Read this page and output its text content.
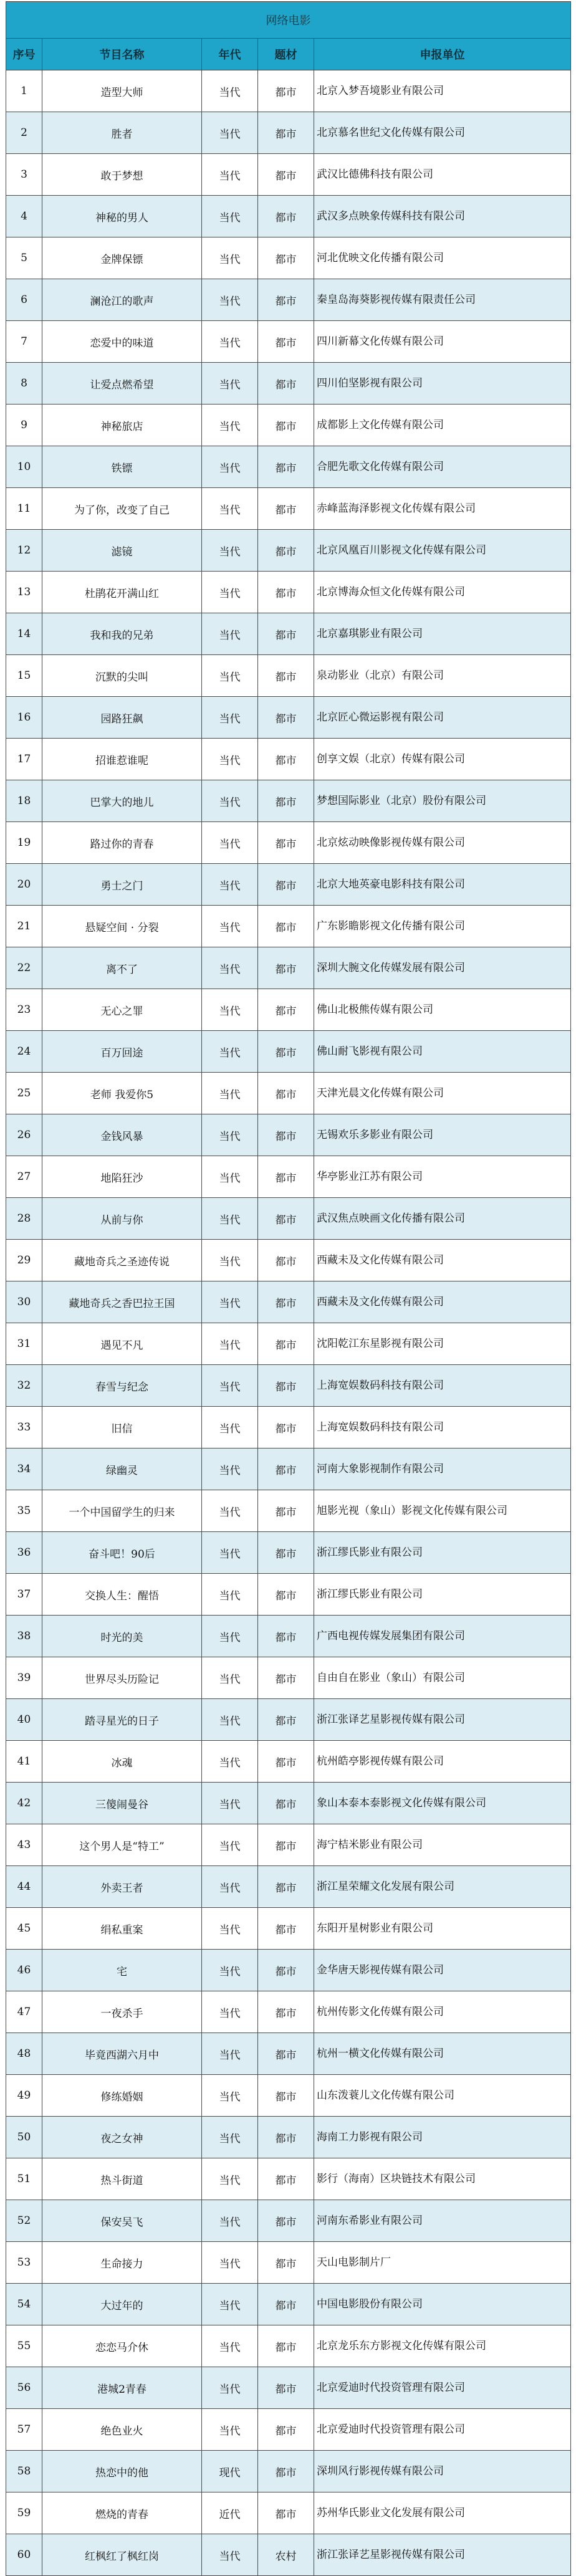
网络电影				
序号	节目名称	年代	题材	申报单位
1	造型大师	当代	都市	北京入梦吾境影业有限公司
2	胜者	当代	都市	北京慕名世纪文化传媒有限公司
3	敢于梦想	当代	都市	武汉比德佛科技有限公司
4	神秘的男人	当代	都市	武汉多点映象传媒科技有限公司
5	金牌保镖	当代	都市	河北优映文化传播有限公司
6	澜沧江的歌声	当代	都市	秦皇岛海葵影视传媒有限责任公司
7	恋爱中的味道	当代	都市	四川新幕文化传媒有限公司
8	让爱点燃希望	当代	都市	四川伯坚影视有限公司
9	神秘旅店	当代	都市	成都影上文化传媒有限公司
10	铁镖	当代	都市	合肥先歌文化传媒有限公司
11	为了你，改变了自己	当代	都市	赤峰蓝海泽影视文化传媒有限公司
12	滤镜	当代	都市	北京风凰百川影视文化传媒有限公司
13	杜鹃花开满山红	当代	都市	北京博海众恒文化传媒有限公司
14	我和我的兄弟	当代	都市	北京嘉琪影业有限公司
15	沉默的尖叫	当代	都市	泉动影业（北京）有限公司
16	园路狂飙	当代	都市	北京匠心微运影视有限公司
17	招谁惹谁呢	当代	都市	创享文娱（北京）传媒有限公司
18	巴掌大的地儿	当代	都市	梦想国际影业（北京）股份有限公司
19	路过你的青春	当代	都市	北京炫动映像影视传媒有限公司
20	勇士之门	当代	都市	北京大地英豪电影科技有限公司
21	悬疑空间 · 分裂	当代	都市	广东影瞻影视文化传播有限公司
22	离不了	当代	都市	深圳大腕文化传媒发展有限公司
23	无心之罪	当代	都市	佛山北极熊传媒有限公司
24	百万回途	当代	都市	佛山耐飞影视有限公司
25	老师 我爱你5	当代	都市	天津光晨文化传媒有限公司
26	金钱风暴	当代	都市	无锡欢乐多影业有限公司
27	地陷狂沙	当代	都市	华亭影业江苏有限公司
28	从前与你	当代	都市	武汉焦点映画文化传播有限公司
29	藏地奇兵之圣迹传说	当代	都市	西藏未及文化传媒有限公司
30	藏地奇兵之香巴拉王国	当代	都市	西藏未及文化传媒有限公司
31	遇见不凡	当代	都市	沈阳乾江东星影视有限公司
32	春雪与纪念	当代	都市	上海宽娱数码科技有限公司
33	旧信	当代	都市	上海宽娱数码科技有限公司
34	绿幽灵	当代	都市	河南大象影视制作有限公司
35	一个中国留学生的归来	当代	都市	旭影光视（象山）影视文化传媒有限公司
36	奋斗吧！90后	当代	都市	浙江缪氏影业有限公司
37	交换人生：醒悟	当代	都市	浙江缪氏影业有限公司
38	时光的美	当代	都市	广西电视传媒发展集团有限公司
39	世界尽头历险记	当代	都市	自由自在影业（象山）有限公司
40	踏寻星光的日子	当代	都市	浙江张译艺星影视传媒有限公司
41	冰魂	当代	都市	杭州皓亭影视传媒有限公司
42	三傻闹曼谷	当代	都市	象山本泰本泰影视文化传媒有限公司
43	这个男人是“特工”	当代	都市	海宁桔米影业有限公司
44	外卖王者	当代	都市	浙江星荣耀文化发展有限公司
45	绢私重案	当代	都市	东阳开星树影业有限公司
46	宅	当代	都市	金华唐天影视传媒有限公司
47	一夜杀手	当代	都市	杭州传影文化传媒有限公司
48	毕竟西湖六月中	当代	都市	杭州一横文化传媒有限公司
49	修练婚姻	当代	都市	山东泼蓑儿文化传媒有限公司
50	夜之女神	当代	都市	海南工力影视有限公司
51	热斗街道	当代	都市	影行（海南）区块链技术有限公司
52	保安吴飞	当代	都市	河南东希影业有限公司
53	生命接力	当代	都市	天山电影制片厂
54	大过年的	当代	都市	中国电影股份有限公司
55	恋恋马介休	当代	都市	北京龙乐东方影视文化传媒有限公司
56	港城2青春	当代	都市	北京爱迪时代投资管理有限公司
57	绝色业火	当代	都市	北京爱迪时代投资管理有限公司
58	热恋中的他	现代	都市	深圳风行影视传媒有限公司
59	燃烧的青春	近代	都市	苏州华氏影业文化发展有限公司
60	红枫红了枫红岗	当代	农村	浙江张译艺星影视传媒有限公司
